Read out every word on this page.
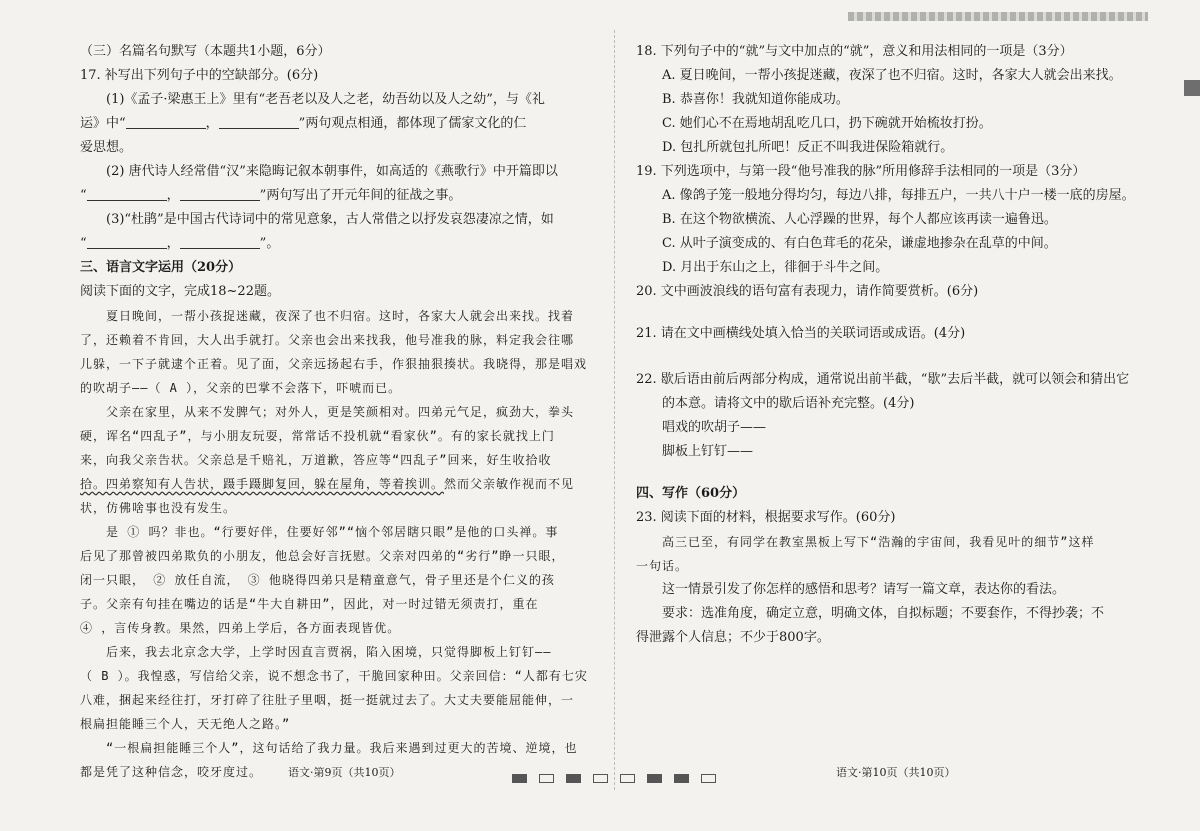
（三）名篇名句默写（本题共1小题，6分）

17. 补写出下列句子中的空缺部分。(6分)

(1)《孟子·梁惠王上》里有“老吾老以及人之老，幼吾幼以及人之幼”，与《礼

运》中“	，	”两句观点相通，都体现了儒家文化的仁

爱思想。

(2) 唐代诗人经常借“汉”来隐晦记叙本朝事件，如高适的《燕歌行》中开篇即以

“	，	”两句写出了开元年间的征战之事。

(3)“杜鹃”是中国古代诗词中的常见意象，古人常借之以抒发哀怨凄凉之情，如

“	，	”。

三、语言文字运用（20分）

阅读下面的文字，完成18~22题。

夏日晚间，一帮小孩捉迷藏，夜深了也不归宿。这时，各家大人就会出来找。找着

了，还赖着不肯回，大人出手就打。父亲也会出来找我，他号准我的脉，料定我会往哪

儿躲，一下子就逮个正着。见了面，父亲远扬起右手，作狠抽狠揍状。我晓得，那是唱戏

的吹胡子——（ A ），父亲的巴掌不会落下，吓唬而已。

父亲在家里，从来不发脾气；对外人，更是笑颜相对。四弟元气足，疯劲大，拳头

硬，诨名“四乱子”，与小朋友玩耍，常常话不投机就“看家伙”。有的家长就找上门

来，向我父亲告状。父亲总是千赔礼，万道歉，答应等“四乱子”回来，好生收拾收

拾。四弟察知有人告状，蹑手蹑脚复回，躲在屋角，等着挨训。然而父亲敏作视而不见

状，仿佛啥事也没有发生。

是 ① 吗？非也。“行要好伴，住要好邻”“恼个邻居瞎只眼”是他的口头禅。事

后见了那曾被四弟欺负的小朋友，他总会好言抚慰。父亲对四弟的“劣行”睁一只眼，

闭一只眼， ② 放任自流， ③ 他晓得四弟只是精童意气，骨子里还是个仁义的孩

子。父亲有句挂在嘴边的话是“牛大自耕田”，因此，对一时过错无须责打，重在

④ ，言传身教。果然，四弟上学后，各方面表现皆优。

后来，我去北京念大学，上学时因直言贾祸，陷入困境，只觉得脚板上钉钉——

（ B ）。我惶惑，写信给父亲，说不想念书了，干脆回家种田。父亲回信：“人都有七灾

八难，捆起来经往打，牙打碎了往肚子里咽，挺一挺就过去了。大丈夫要能屈能伸，一

根扁担能睡三个人，天无绝人之路。”

“一根扁担能睡三个人”，这句话给了我力量。我后来遇到过更大的苦境、逆境，也

都是凭了这种信念，咬牙度过。

18. 下列句子中的“就”与文中加点的“就”，意义和用法相同的一项是（3分）

A. 夏日晚间，一帮小孩捉迷藏，夜深了也不归宿。这时，各家大人就会出来找。

B. 恭喜你！我就知道你能成功。

C. 她们心不在焉地胡乱吃几口，扔下碗就开始梳妆打扮。

D. 包扎所就包扎所吧！反正不叫我进保险箱就行。

19. 下列选项中，与第一段“他号准我的脉”所用修辞手法相同的一项是（3分）

A. 像鸽子笼一般地分得均匀，每边八排，每排五户，一共八十户一楼一底的房屋。

B. 在这个物欲横流、人心浮躁的世界，每个人都应该再读一遍鲁迅。

C. 从叶子演变成的、有白色茸毛的花朵，谦虚地掺杂在乱草的中间。

D. 月出于东山之上，徘徊于斗牛之间。

20. 文中画波浪线的语句富有表现力，请作简要赏析。(6分)

21. 请在文中画横线处填入恰当的关联词语或成语。(4分)

22. 歇后语由前后两部分构成，通常说出前半截，“歇”去后半截，就可以领会和猜出它

的本意。请将文中的歇后语补充完整。(4分)

唱戏的吹胡子——

脚板上钉钉——

四、写作（60分）

23. 阅读下面的材料，根据要求写作。(60分)

高三已至，有同学在教室黑板上写下“浩瀚的宇宙间，我看见叶的细节”这样

一句话。

这一情景引发了你怎样的感悟和思考？请写一篇文章，表达你的看法。

要求：选准角度，确定立意，明确文体，自拟标题；不要套作，不得抄袭；不

得泄露个人信息；不少于800字。

语文·第9页（共10页）	语文·第10页（共10页）
